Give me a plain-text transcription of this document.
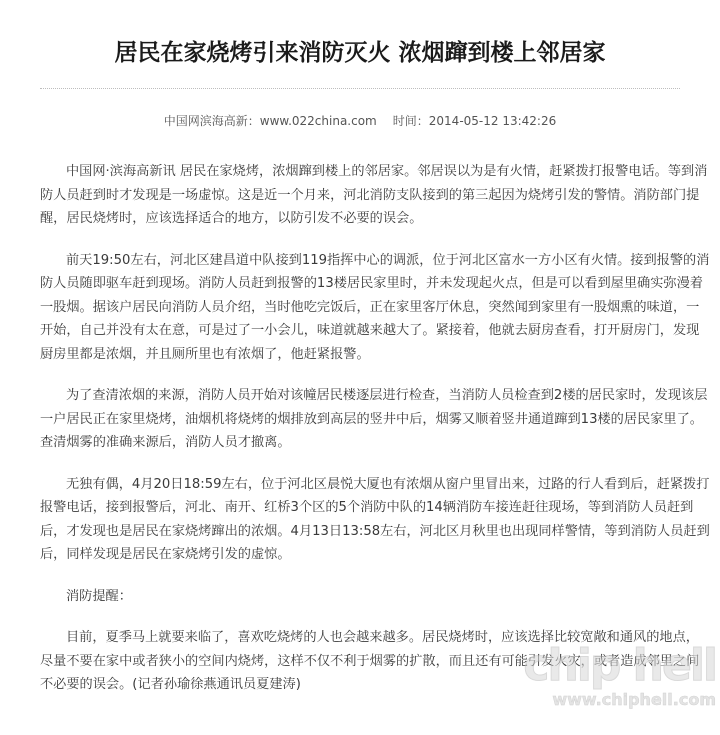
居民在家烧烤引来消防灭火 浓烟蹿到楼上邻居家
中国网滨海高新：www.022china.com 时间：2014-05-12 13:42:26

中国网·滨海高新讯 居民在家烧烤，浓烟蹿到楼上的邻居家。邻居误以为是有火情，赶紧拨打报警电话。等到消防人员赶到时才发现是一场虚惊。这是近一个月来，河北消防支队接到的第三起因为烧烤引发的警情。消防部门提醒，居民烧烤时，应该选择适合的地方，以防引发不必要的误会。

前天19:50左右，河北区建昌道中队接到119指挥中心的调派，位于河北区富水一方小区有火情。接到报警的消防人员随即驱车赶到现场。消防人员赶到报警的13楼居民家里时，并未发现起火点，但是可以看到屋里确实弥漫着一股烟。据该户居民向消防人员介绍，当时他吃完饭后，正在家里客厅休息，突然闻到家里有一股烟熏的味道，一开始，自己并没有太在意，可是过了一小会儿，味道就越来越大了。紧接着，他就去厨房查看，打开厨房门，发现厨房里都是浓烟，并且厕所里也有浓烟了，他赶紧报警。

为了查清浓烟的来源，消防人员开始对该幢居民楼逐层进行检查，当消防人员检查到2楼的居民家时，发现该层一户居民正在家里烧烤，油烟机将烧烤的烟排放到高层的竖井中后，烟雾又顺着竖井通道蹿到13楼的居民家里了。查清烟雾的准确来源后，消防人员才撤离。

无独有偶，4月20日18:59左右，位于河北区晨悦大厦也有浓烟从窗户里冒出来，过路的行人看到后，赶紧拨打报警电话，接到报警后，河北、南开、红桥3个区的5个消防中队的14辆消防车接连赶往现场，等到消防人员赶到后，才发现也是居民在家烧烤蹿出的浓烟。4月13日13:58左右，河北区月秋里也出现同样警情，等到消防人员赶到后，同样发现是居民在家烧烤引发的虚惊。

消防提醒：

目前，夏季马上就要来临了，喜欢吃烧烤的人也会越来越多。居民烧烤时，应该选择比较宽敞和通风的地点，尽量不要在家中或者狭小的空间内烧烤，这样不仅不利于烟雾的扩散，而且还有可能引发火灾，或者造成邻里之间不必要的误会。(记者孙瑜徐燕通讯员夏建涛)	chip hell
www.chiphell.com
